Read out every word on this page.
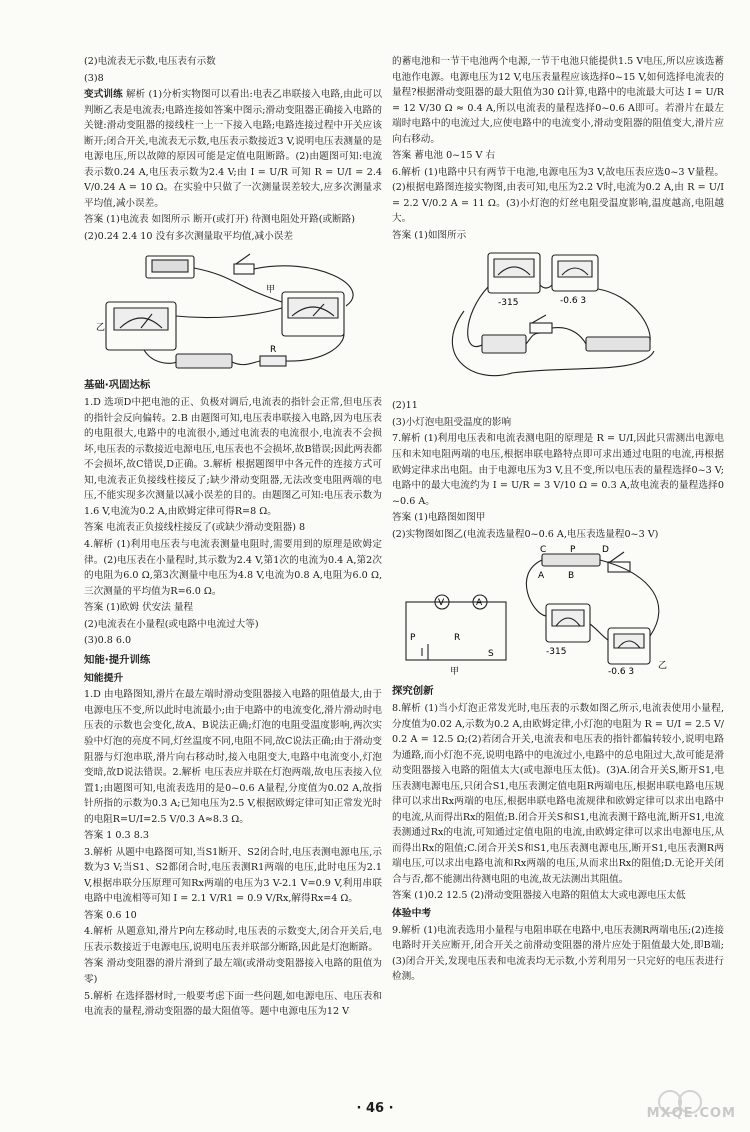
(2)电流表无示数,电压表有示数

(3)8

变式训练 解析 (1)分析实物图可以看出:电表乙串联接入电路,由此可以判断乙表是电流表;电路连接如答案中图示;滑动变阻器正确接入电路的关键:滑动变阻器的接线柱一上一下接入电路;电路连接过程中开关应该断开;闭合开关,电流表无示数,电压表示数接近3 V,说明电压表测量的是电源电压,所以故障的原因可能是定值电阻断路。(2)由题图可知:电流表示数0.24 A,电压表示数为2.4 V;由 I = U/R 可知 R = U/I = 2.4 V/0.24 A = 10 Ω。在实验中只做了一次测量误差较大,应多次测量求平均值,减小误差。

答案 (1)电流表 如图所示 断开(或打开) 待测电阻处开路(或断路)

(2)0.24 2.4 10 没有多次测量取平均值,减小误差

甲
乙
R

基础·巩固达标

1.D 选项D中把电池的正、负极对调后,电流表的指针会正常,但电压表的指针会反向偏转。2.B 由题图可知,电压表串联接入电路,因为电压表的电阻很大,电路中的电流很小,通过电流表的电流很小,电流表不会损坏,电压表的示数接近电源电压,电压表也不会损坏,故B错误;因此两表都不会损坏,故C错误,D正确。3.解析 根据题图甲中各元件的连接方式可知,电流表正负接线柱接反了;缺少滑动变阻器,无法改变电阻两端的电压,不能实现多次测量以减小误差的目的。由题图乙可知:电压表示数为1.6 V,电流为0.2 A,由欧姆定律可得R=8 Ω。

答案 电流表正负接线柱接反了(或缺少滑动变阻器) 8

4.解析 (1)利用电压表与电流表测量电阻时,需要用到的原理是欧姆定律。(2)电压表在小量程时,其示数为2.4 V,第1次的电流为0.4 A,第2次的电阻为6.0 Ω,第3次测量中电压为4.8 V,电流为0.8 A,电阻为6.0 Ω,三次测量的平均值为R=6.0 Ω。

答案 (1)欧姆 伏安法 量程

(2)电流表在小量程(或电路中电流过大等)

(3)0.8 6.0

知能·提升训练

知能提升

1.D 由电路图知,滑片在最左端时滑动变阻器接入电路的阻值最大,由于电源电压不变,所以此时电流最小;由于电路中的电流变化,滑片滑动时电压表的示数也会变化,故A、B说法正确;灯泡的电阻受温度影响,两次实验中灯泡的亮度不同,灯丝温度不同,电阻不同,故C说法正确;由于滑动变阻器与灯泡串联,滑片向右移动时,接入电阻变大,电路中电流变小,灯泡变暗,故D说法错误。2.解析 电压表应并联在灯泡两端,故电压表接入位置1;由题图可知,电流表选用的是0~0.6 A量程,分度值为0.02 A,故指针所指的示数为0.3 A;已知电压为2.5 V,根据欧姆定律可知正常发光时的电阻R=U/I=2.5 V/0.3 A≈8.3 Ω。

答案 1 0.3 8.3

3.解析 从题中电路图可知,当S1断开、S2闭合时,电压表测电源电压,示数为3 V;当S1、S2都闭合时,电压表测R1两端的电压,此时电压为2.1 V,根据串联分压原理可知Rx两端的电压为3 V-2.1 V=0.9 V,利用串联电路中电流相等可知 I = 2.1 V/R1 = 0.9 V/Rx,解得Rx=4 Ω。

答案 0.6 10

4.解析 从题意知,滑片P向左移动时,电压表的示数变大,闭合开关后,电压表示数接近于电源电压,说明电压表并联部分断路,因此是灯泡断路。

答案 滑动变阻器的滑片滑到了最左端(或滑动变阻器接入电路的阻值为零)

5.解析 在选择器材时,一般要考虑下面一些问题,如电源电压、电压表和电流表的量程,滑动变阻器的最大阻值等。题中电源电压为12 V

的蓄电池和一节干电池两个电源,一节干电池只能提供1.5 V电压,所以应该选蓄电池作电源。电源电压为12 V,电压表量程应该选择0~15 V,如何选择电流表的量程?根据滑动变阻器的最大阻值为30 Ω计算,电路中的电流最大可达 I = U/R = 12 V/30 Ω ≈ 0.4 A,所以电流表的量程选择0~0.6 A即可。若滑片在最左端时电路中的电流过大,应使电路中的电流变小,滑动变阻器的阻值变大,滑片应向右移动。

答案 蓄电池 0~15 V 右

6.解析 (1)电路中只有两节干电池,电源电压为3 V,故电压表应选0~3 V量程。(2)根据电路图连接实物图,由表可知,电压为2.2 V时,电流为0.2 A,由 R = U/I = 2.2 V/0.2 A = 11 Ω。(3)小灯泡的灯丝电阻受温度影响,温度越高,电阻越大。

答案 (1)如图所示

-315	-0.6 3

(2)11

(3)小灯泡电阻受温度的影响

7.解析 (1)利用电压表和电流表测电阻的原理是 R = U/I,因此只需测出电源电压和未知电阻两端的电压,根据串联电路特点即可求出通过电阻的电流,再根据欧姆定律求出电阻。由于电源电压为3 V,且不变,所以电压表的量程选择0~3 V;电路中的最大电流约为 I = U/R = 3 V/10 Ω = 0.3 A,故电流表的量程选择0~0.6 A。

答案 (1)电路图如图甲

(2)实物图如图乙(电流表选量程0~0.6 A,电压表选量程0~3 V)

C	P	D
A	B
V	A
P	R
S
甲
乙
-315
-0.6 3

探究创新

8.解析 (1)当小灯泡正常发光时,电压表的示数如图乙所示,电流表使用小量程,分度值为0.02 A,示数为0.2 A,由欧姆定律,小灯泡的电阻为 R = U/I = 2.5 V/0.2 A = 12.5 Ω;(2)若闭合开关,电流表和电压表的指针都偏转较小,说明电路为通路,而小灯泡不亮,说明电路中的电流过小,电路中的总电阻过大,故可能是滑动变阻器接入电路的阻值太大(或电源电压太低)。(3)A.闭合开关S,断开S1,电压表测电源电压,只闭合S1,电压表测定值电阻R两端电压,根据串联电路电压规律可以求出Rx两端的电压,根据串联电路电流规律和欧姆定律可以求出电路中的电流,从而得出Rx的阻值;B.闭合开关S和S1,电流表测干路电流,断开S1,电流表测通过Rx的电流,可知通过定值电阻的电流,由欧姆定律可以求出电源电压,从而得出Rx的阻值;C.闭合开关S和S1,电压表测电源电压,断开S1,电压表测R两端电压,可以求出电路电流和Rx两端的电压,从而求出Rx的阻值;D.无论开关闭合与否,都不能测出待测电阻的电流,故无法测出其阻值。

答案 (1)0.2 12.5 (2)滑动变阻器接入电路的阻值太大或电源电压太低

体验中考

9.解析 (1)电流表选用小量程与电阻串联在电路中,电压表测R两端电压;(2)连接电路时开关应断开,闭合开关之前滑动变阻器的滑片应处于阻值最大处,即B端;(3)闭合开关,发现电压表和电流表均无示数,小芳利用另一只完好的电压表进行检测。

· 46 ·	MXQE.COM
